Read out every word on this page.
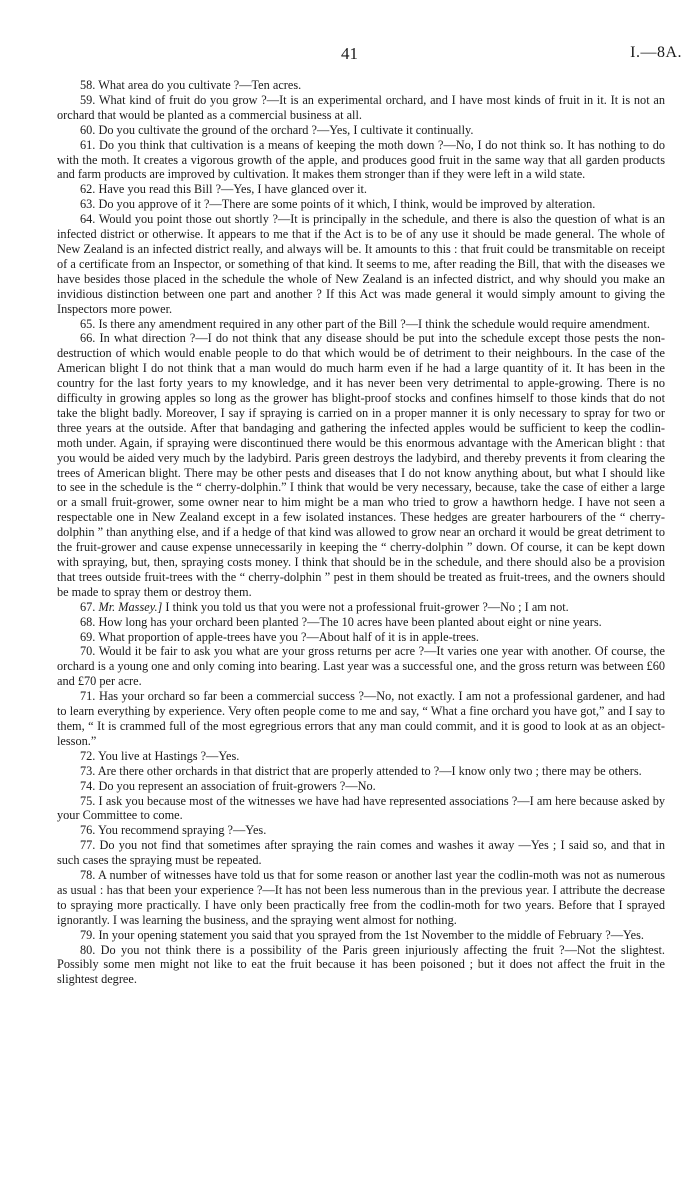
41	I.—8A.

58. What area do you cultivate ?—Ten acres.

59. What kind of fruit do you grow ?—It is an experimental orchard, and I have most kinds of fruit in it. It is not an orchard that would be planted as a commercial business at all.

60. Do you cultivate the ground of the orchard ?—Yes, I cultivate it continually.

61. Do you think that cultivation is a means of keeping the moth down ?—No, I do not think so. It has nothing to do with the moth. It creates a vigorous growth of the apple, and produces good fruit in the same way that all garden products and farm products are improved by cultivation. It makes them stronger than if they were left in a wild state.

62. Have you read this Bill ?—Yes, I have glanced over it.

63. Do you approve of it ?—There are some points of it which, I think, would be improved by alteration.

64. Would you point those out shortly ?—It is principally in the schedule, and there is also the question of what is an infected district or otherwise. It appears to me that if the Act is to be of any use it should be made general. The whole of New Zealand is an infected district really, and always will be. It amounts to this : that fruit could be transmitable on receipt of a certificate from an Inspector, or something of that kind. It seems to me, after reading the Bill, that with the diseases we have besides those placed in the schedule the whole of New Zealand is an infected district, and why should you make an invidious distinction between one part and another ? If this Act was made general it would simply amount to giving the Inspectors more power.

65. Is there any amendment required in any other part of the Bill ?—I think the schedule would require amendment.

66. In what direction ?—I do not think that any disease should be put into the schedule except those pests the non-destruction of which would enable people to do that which would be of detriment to their neighbours. In the case of the American blight I do not think that a man would do much harm even if he had a large quantity of it. It has been in the country for the last forty years to my knowledge, and it has never been very detrimental to apple-growing. There is no difficulty in growing apples so long as the grower has blight-proof stocks and confines himself to those kinds that do not take the blight badly. Moreover, I say if spraying is carried on in a proper manner it is only necessary to spray for two or three years at the outside. After that bandaging and gathering the infected apples would be sufficient to keep the codlin-moth under. Again, if spraying were discontinued there would be this enormous advantage with the American blight : that you would be aided very much by the ladybird. Paris green destroys the ladybird, and thereby prevents it from clearing the trees of American blight. There may be other pests and diseases that I do not know anything about, but what I should like to see in the schedule is the “ cherry-dolphin.” I think that would be very necessary, because, take the case of either a large or a small fruit-grower, some owner near to him might be a man who tried to grow a hawthorn hedge. I have not seen a respectable one in New Zealand except in a few isolated instances. These hedges are greater harbourers of the “ cherry-dolphin ” than anything else, and if a hedge of that kind was allowed to grow near an orchard it would be great detriment to the fruit-grower and cause expense unnecessarily in keeping the “ cherry-dolphin ” down. Of course, it can be kept down with spraying, but, then, spraying costs money. I think that should be in the schedule, and there should also be a provision that trees outside fruit-trees with the “ cherry-dolphin ” pest in them should be treated as fruit-trees, and the owners should be made to spray them or destroy them.

67. Mr. Massey.] I think you told us that you were not a professional fruit-grower ?—No ; I am not.

68. How long has your orchard been planted ?—The 10 acres have been planted about eight or nine years.

69. What proportion of apple-trees have you ?—About half of it is in apple-trees.

70. Would it be fair to ask you what are your gross returns per acre ?—It varies one year with another. Of course, the orchard is a young one and only coming into bearing. Last year was a successful one, and the gross return was between £60 and £70 per acre.

71. Has your orchard so far been a commercial success ?—No, not exactly. I am not a professional gardener, and had to learn everything by experience. Very often people come to me and say, “ What a fine orchard you have got,” and I say to them, “ It is crammed full of the most egregrious errors that any man could commit, and it is good to look at as an object-lesson.”

72. You live at Hastings ?—Yes.

73. Are there other orchards in that district that are properly attended to ?—I know only two ; there may be others.

74. Do you represent an association of fruit-growers ?—No.

75. I ask you because most of the witnesses we have had have represented associations ?—I am here because asked by your Committee to come.

76. You recommend spraying ?—Yes.

77. Do you not find that sometimes after spraying the rain comes and washes it away —Yes ; I said so, and that in such cases the spraying must be repeated.

78. A number of witnesses have told us that for some reason or another last year the codlin-moth was not as numerous as usual : has that been your experience ?—It has not been less numerous than in the previous year. I attribute the decrease to spraying more practically. I have only been practically free from the codlin-moth for two years. Before that I sprayed ignorantly. I was learning the business, and the spraying went almost for nothing.

79. In your opening statement you said that you sprayed from the 1st November to the middle of February ?—Yes.

80. Do you not think there is a possibility of the Paris green injuriously affecting the fruit ?—Not the slightest. Possibly some men might not like to eat the fruit because it has been poisoned ; but it does not affect the fruit in the slightest degree.
